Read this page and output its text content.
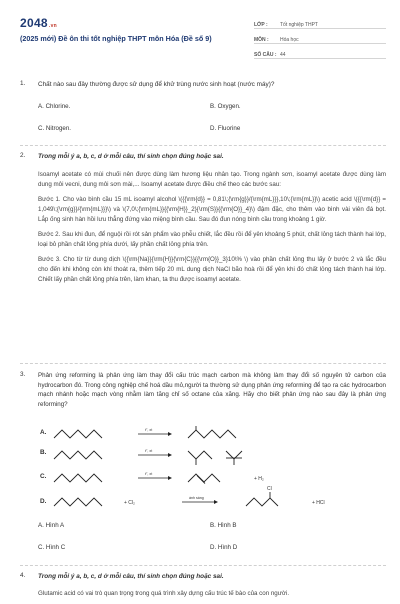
2048.vn
(2025 mới) Đề ôn thi tốt nghiệp THPT môn Hóa (Đề số 9)
LỚP :	Tốt nghiệp THPT
MÔN :	Hóa học
SỐ CÂU : 44
1. Chất nào sau đây thường được sử dụng để khử trùng nước sinh hoạt (nước máy)?
A. Chlorine.	B. Oxygen.
C. Nitrogen.	D. Fluorine
2. Trong mỗi ý a, b, c, d ở mỗi câu, thí sinh chọn đúng hoặc sai.

Isoamyl acetate có mùi chuối nên được dùng làm hương liệu nhân tạo. Trong ngành sơn, isoamyl acetate được dùng làm dung môi vecni, dung môi sơn mài,... Isoamyl acetate được điều chế theo các bước sau:

Bước 1. Cho vào bình cầu 15 mL isoamyl alcohol \({{\rm{d}} = 0,81\;{\rm{g}}/{\rm{mL}}},10\;{\rm{mL}}\) acetic acid \({{\rm{d}} = 1,049\;{\rm{g}}/{\rm{mL}}}\) và \(7,0\;{\rm{mL}}{{\rm{H}}_2}{\rm{S}}{{\rm{O}}_4}\) đậm đặc, cho thêm vào bình vài viên đá bọt. Lắp ống sinh hàn hồi lưu thẳng đứng vào miệng bình cầu. Sau đó đun nóng bình cầu trong khoảng 1 giờ.

Bước 2. Sau khi đun, để nguội rồi rót sản phẩm vào phễu chiết, lắc đều rồi để yên khoảng 5 phút, chất lỏng tách thành hai lớp, loại bỏ phần chất lỏng phía dưới, lấy phần chất lỏng phía trên.

Bước 3. Cho từ từ dung dịch \({\rm{Na}}{\rm{H}}{\rm{C}}{{\rm{O}}_3}10\% \) vào phần chất lỏng thu lấy ở bước 2 và lắc đều cho đến khi không còn khí thoát ra, thêm tiếp 20 mL dung dịch NaCl bão hoà rồi để yên khi đó chất lỏng tách thành hai lớp. Chiết lấy phần chất lỏng phía trên, làm khan, ta thu được isoamyl acetate.

3. Phản ứng reforming là phản ứng làm thay đổi cấu trúc mạch carbon mà không làm thay đổi số nguyên tử carbon của hydrocarbon đó. Trong công nghiệp chế hoá dầu mỏ,người ta thường sử dụng phản ứng reforming để tạo ra các hydrocarbon mạch nhánh hoặc mạch vòng nhằm làm tăng chỉ số octane của xăng. Hãy cho biết phản ứng nào sau đây là phản ứng reforming?
A.	t°, xt
B.	t°, xt
C.	t°, xt
+ H₂
D.	+ Cl₂
ánh sáng
Cl
+ HCl
A. Hình A	B. Hình B
C. Hình C	D. Hình D
4. Trong mỗi ý a, b, c, d ở mỗi câu, thí sinh chọn đúng hoặc sai.

Glutamic acid có vai trò quan trọng trong quá trình xây dựng cấu trúc tế bào của con người.
